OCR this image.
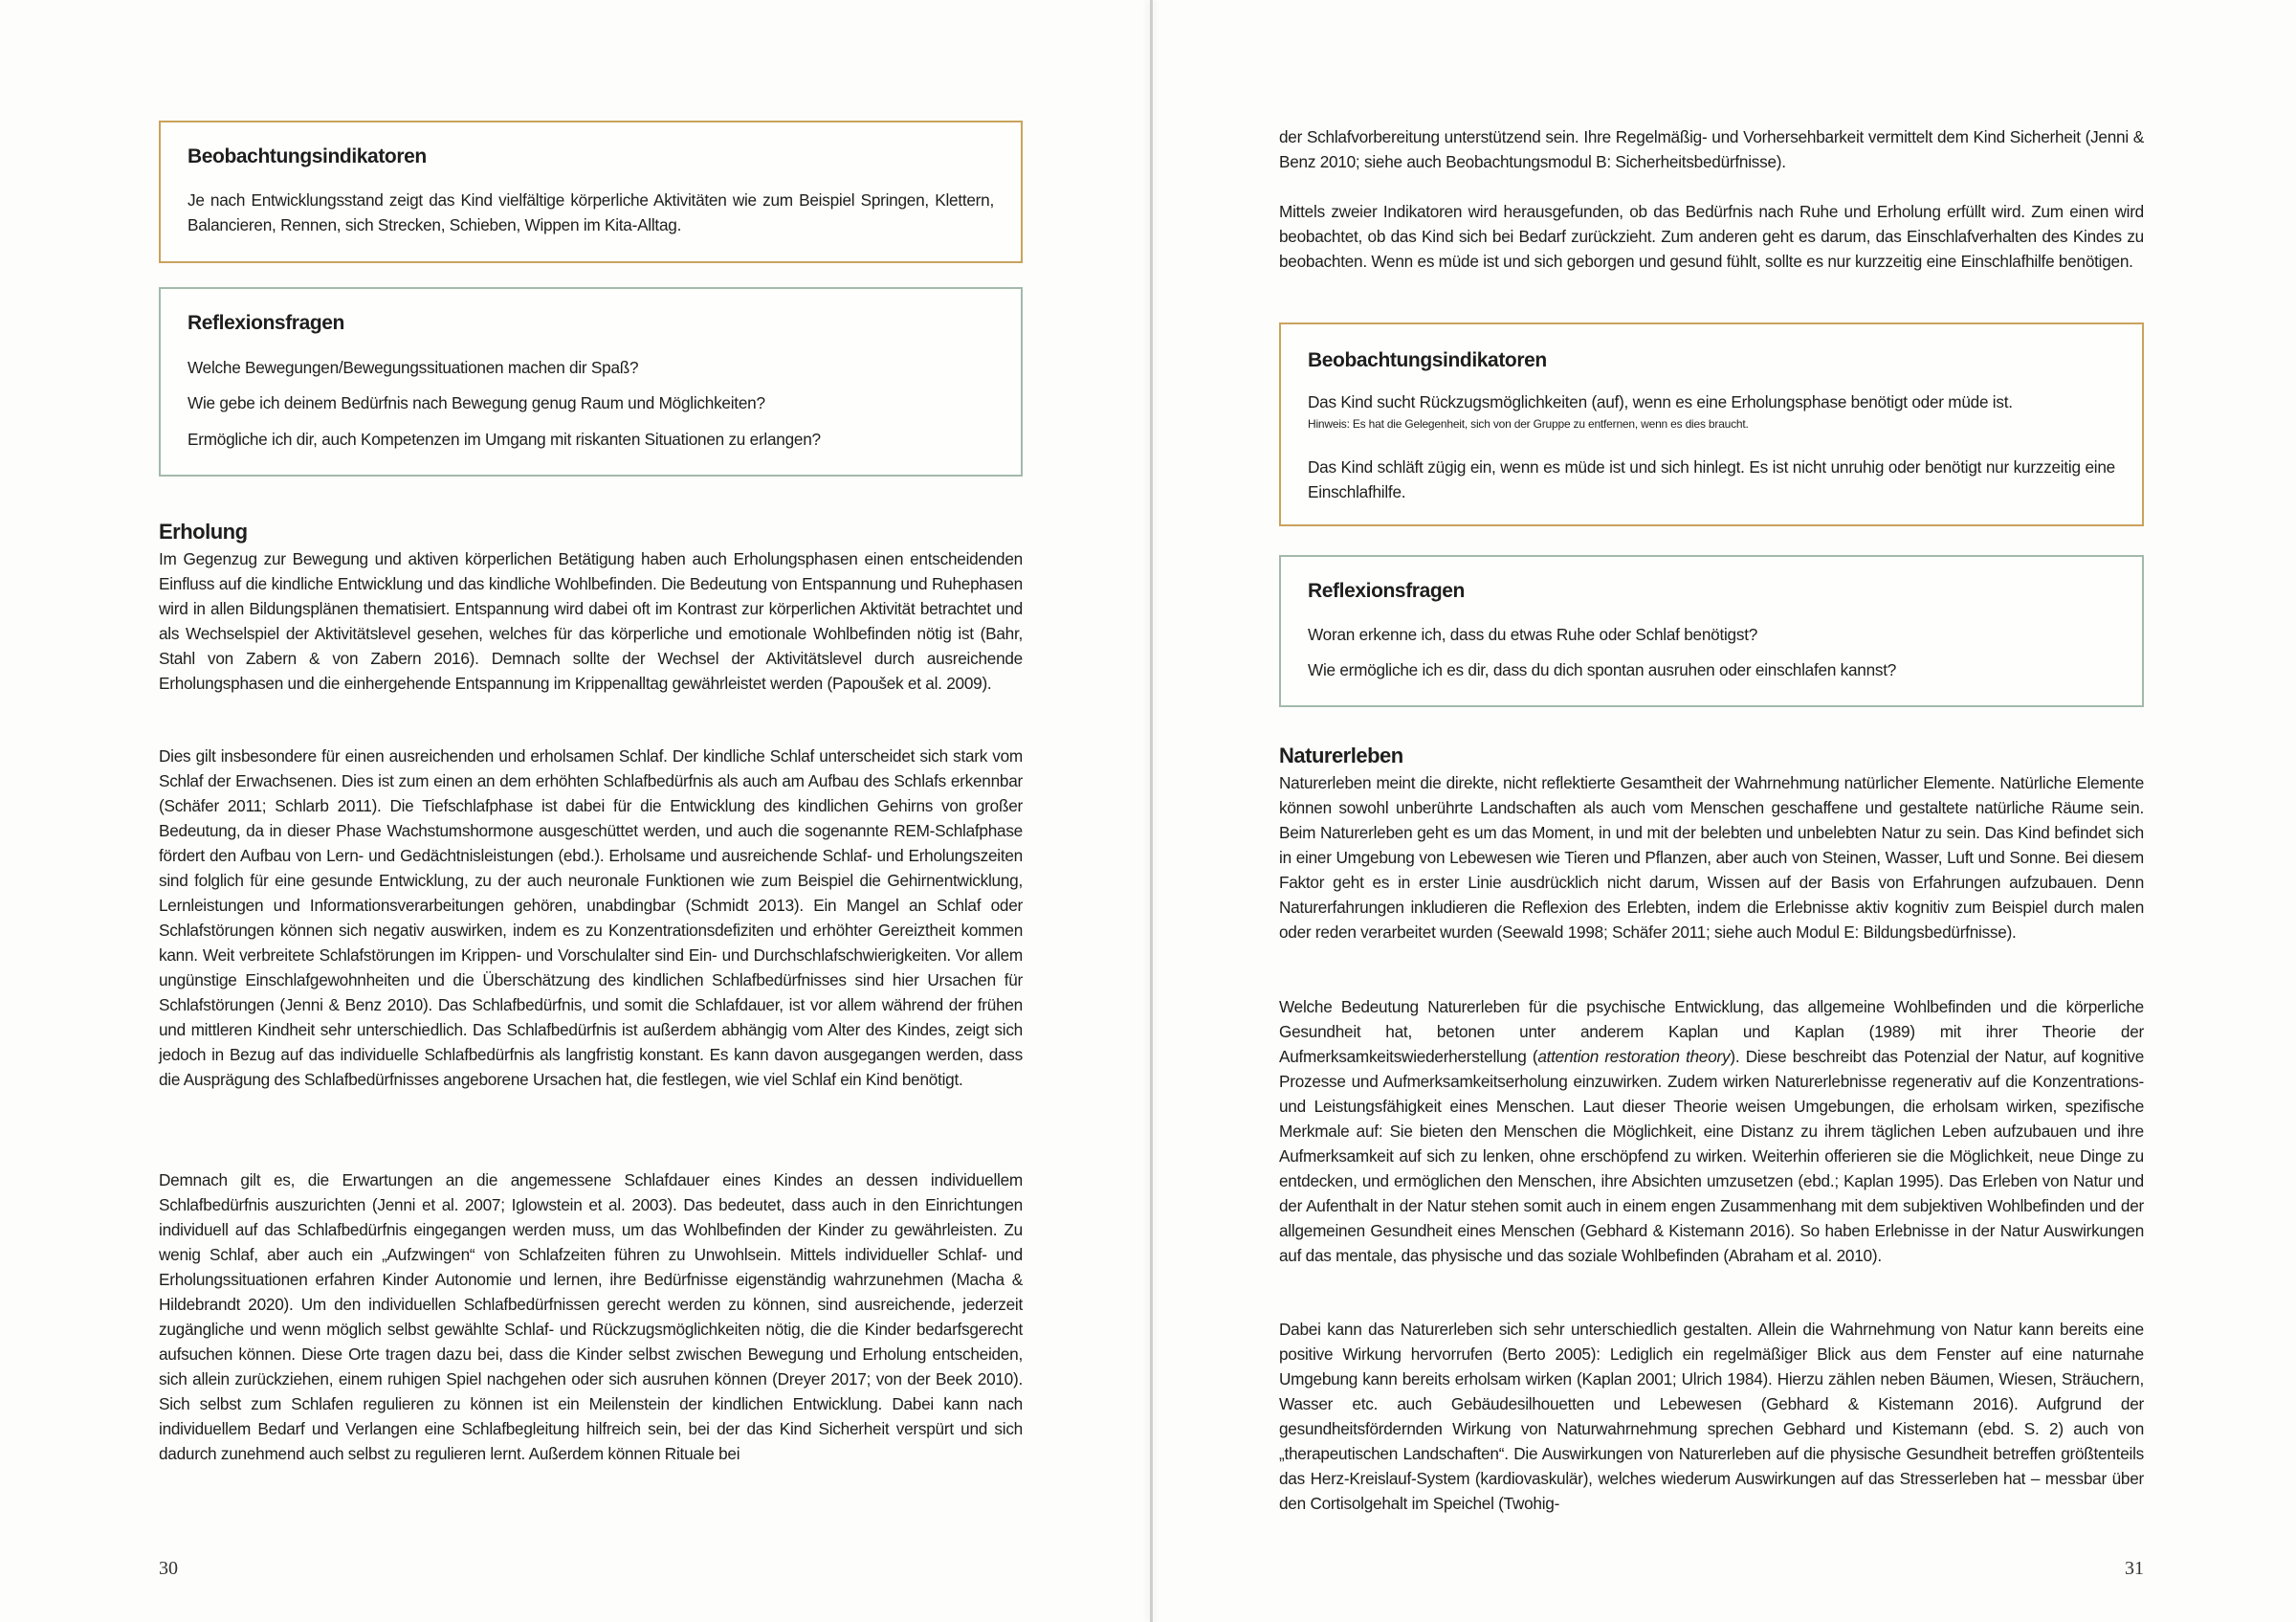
Beobachtungsindikatoren
Je nach Entwicklungsstand zeigt das Kind vielfältige körperliche Aktivitäten wie zum Beispiel Springen, Klettern, Balancieren, Rennen, sich Strecken, Schieben, Wippen im Kita-Alltag.
Reflexionsfragen
Welche Bewegungen/Bewegungssituationen machen dir Spaß?
Wie gebe ich deinem Bedürfnis nach Bewegung genug Raum und Möglichkeiten?
Ermögliche ich dir, auch Kompetenzen im Umgang mit riskanten Situationen zu erlangen?
Erholung

Im Gegenzug zur Bewegung und aktiven körperlichen Betätigung haben auch Erholungsphasen einen entscheidenden Einfluss auf die kindliche Entwicklung und das kindliche Wohlbefinden. Die Bedeutung von Entspannung und Ruhephasen wird in allen Bildungsplänen thematisiert. Entspannung wird dabei oft im Kontrast zur körperlichen Aktivität betrachtet und als Wechselspiel der Aktivitätslevel gesehen, welches für das körperliche und emotionale Wohlbefinden nötig ist (Bahr, Stahl von Zabern & von Zabern 2016). Demnach sollte der Wechsel der Aktivitätslevel durch ausreichende Erholungsphasen und die einhergehende Entspannung im Krippenalltag gewährleistet werden (Papoušek et al. 2009).

Dies gilt insbesondere für einen ausreichenden und erholsamen Schlaf. Der kindliche Schlaf unterscheidet sich stark vom Schlaf der Erwachsenen. Dies ist zum einen an dem erhöhten Schlafbedürfnis als auch am Aufbau des Schlafs erkennbar (Schäfer 2011; Schlarb 2011). Die Tiefschlafphase ist dabei für die Entwicklung des kindlichen Gehirns von großer Bedeutung, da in dieser Phase Wachstumshormone ausgeschüttet werden, und auch die sogenannte REM-Schlafphase fördert den Aufbau von Lern- und Gedächtnisleistungen (ebd.). Erholsame und ausreichende Schlaf- und Erholungszeiten sind folglich für eine gesunde Entwicklung, zu der auch neuronale Funktionen wie zum Beispiel die Gehirnentwicklung, Lernleistungen und Informationsverarbeitungen gehören, unabdingbar (Schmidt 2013). Ein Mangel an Schlaf oder Schlafstörungen können sich negativ auswirken, indem es zu Konzentrationsdefiziten und erhöhter Gereiztheit kommen kann. Weit verbreitete Schlafstörungen im Krippen- und Vorschulalter sind Ein- und Durchschlafschwierigkeiten. Vor allem ungünstige Einschlafgewohnheiten und die Überschätzung des kindlichen Schlafbedürfnisses sind hier Ursachen für Schlafstörungen (Jenni & Benz 2010). Das Schlafbedürfnis, und somit die Schlafdauer, ist vor allem während der frühen und mittleren Kindheit sehr unterschiedlich. Das Schlafbedürfnis ist außerdem abhängig vom Alter des Kindes, zeigt sich jedoch in Bezug auf das individuelle Schlafbedürfnis als langfristig konstant. Es kann davon ausgegangen werden, dass die Ausprägung des Schlafbedürfnisses angeborene Ursachen hat, die festlegen, wie viel Schlaf ein Kind benötigt.

Demnach gilt es, die Erwartungen an die angemessene Schlafdauer eines Kindes an dessen individuellem Schlafbedürfnis auszurichten (Jenni et al. 2007; Iglowstein et al. 2003). Das bedeutet, dass auch in den Einrichtungen individuell auf das Schlafbedürfnis eingegangen werden muss, um das Wohlbefinden der Kinder zu gewährleisten. Zu wenig Schlaf, aber auch ein „Aufzwingen“ von Schlafzeiten führen zu Unwohlsein. Mittels individueller Schlaf- und Erholungssituationen erfahren Kinder Autonomie und lernen, ihre Bedürfnisse eigenständig wahrzunehmen (Macha & Hildebrandt 2020). Um den individuellen Schlafbedürfnissen gerecht werden zu können, sind ausreichende, jederzeit zugängliche und wenn möglich selbst gewählte Schlaf- und Rückzugsmöglichkeiten nötig, die die Kinder bedarfsgerecht aufsuchen können. Diese Orte tragen dazu bei, dass die Kinder selbst zwischen Bewegung und Erholung entscheiden, sich allein zurückziehen, einem ruhigen Spiel nachgehen oder sich ausruhen können (Dreyer 2017; von der Beek 2010). Sich selbst zum Schlafen regulieren zu können ist ein Meilenstein der kindlichen Entwicklung. Dabei kann nach individuellem Bedarf und Verlangen eine Schlafbegleitung hilfreich sein, bei der das Kind Sicherheit verspürt und sich dadurch zunehmend auch selbst zu regulieren lernt. Außerdem können Rituale bei

30

der Schlafvorbereitung unterstützend sein. Ihre Regelmäßig- und Vorhersehbarkeit vermittelt dem Kind Sicherheit (Jenni & Benz 2010; siehe auch Beobachtungsmodul B: Sicherheitsbedürfnisse).

Mittels zweier Indikatoren wird herausgefunden, ob das Bedürfnis nach Ruhe und Erholung erfüllt wird. Zum einen wird beobachtet, ob das Kind sich bei Bedarf zurückzieht. Zum anderen geht es darum, das Einschlafverhalten des Kindes zu beobachten. Wenn es müde ist und sich geborgen und gesund fühlt, sollte es nur kurzzeitig eine Einschlafhilfe benötigen.

Beobachtungsindikatoren
Das Kind sucht Rückzugsmöglichkeiten (auf), wenn es eine Erholungsphase benötigt oder müde ist.
Hinweis: Es hat die Gelegenheit, sich von der Gruppe zu entfernen, wenn es dies braucht.
Das Kind schläft zügig ein, wenn es müde ist und sich hinlegt. Es ist nicht unruhig oder benötigt nur kurzzeitig eine Einschlafhilfe.
Reflexionsfragen
Woran erkenne ich, dass du etwas Ruhe oder Schlaf benötigst?
Wie ermögliche ich es dir, dass du dich spontan ausruhen oder einschlafen kannst?
Naturerleben

Naturerleben meint die direkte, nicht reflektierte Gesamtheit der Wahrnehmung natürlicher Elemente. Natürliche Elemente können sowohl unberührte Landschaften als auch vom Menschen geschaffene und gestaltete natürliche Räume sein. Beim Naturerleben geht es um das Moment, in und mit der belebten und unbelebten Natur zu sein. Das Kind befindet sich in einer Umgebung von Lebewesen wie Tieren und Pflanzen, aber auch von Steinen, Wasser, Luft und Sonne. Bei diesem Faktor geht es in erster Linie ausdrücklich nicht darum, Wissen auf der Basis von Erfahrungen aufzubauen. Denn Naturerfahrungen inkludieren die Reflexion des Erlebten, indem die Erlebnisse aktiv kognitiv zum Beispiel durch malen oder reden verarbeitet wurden (Seewald 1998; Schäfer 2011; siehe auch Modul E: Bildungsbedürfnisse).

Welche Bedeutung Naturerleben für die psychische Entwicklung, das allgemeine Wohlbefinden und die körperliche Gesundheit hat, betonen unter anderem Kaplan und Kaplan (1989) mit ihrer Theorie der Aufmerksamkeitswiederherstellung (attention restoration theory). Diese beschreibt das Potenzial der Natur, auf kognitive Prozesse und Aufmerksamkeitserholung einzuwirken. Zudem wirken Naturerlebnisse regenerativ auf die Konzentrations- und Leistungsfähigkeit eines Menschen. Laut dieser Theorie weisen Umgebungen, die erholsam wirken, spezifische Merkmale auf: Sie bieten den Menschen die Möglichkeit, eine Distanz zu ihrem täglichen Leben aufzubauen und ihre Aufmerksamkeit auf sich zu lenken, ohne erschöpfend zu wirken. Weiterhin offerieren sie die Möglichkeit, neue Dinge zu entdecken, und ermöglichen den Menschen, ihre Absichten umzusetzen (ebd.; Kaplan 1995). Das Erleben von Natur und der Aufenthalt in der Natur stehen somit auch in einem engen Zusammenhang mit dem subjektiven Wohlbefinden und der allgemeinen Gesundheit eines Menschen (Gebhard & Kistemann 2016). So haben Erlebnisse in der Natur Auswirkungen auf das mentale, das physische und das soziale Wohlbefinden (Abraham et al. 2010).

Dabei kann das Naturerleben sich sehr unterschiedlich gestalten. Allein die Wahrnehmung von Natur kann bereits eine positive Wirkung hervorrufen (Berto 2005): Lediglich ein regelmäßiger Blick aus dem Fenster auf eine naturnahe Umgebung kann bereits erholsam wirken (Kaplan 2001; Ulrich 1984). Hierzu zählen neben Bäumen, Wiesen, Sträuchern, Wasser etc. auch Gebäudesilhouetten und Lebewesen (Gebhard & Kistemann 2016). Aufgrund der gesundheitsfördernden Wirkung von Naturwahrnehmung sprechen Gebhard und Kistemann (ebd. S. 2) auch von „therapeutischen Landschaften“. Die Auswirkungen von Naturerleben auf die physische Gesundheit betreffen größtenteils das Herz-Kreislauf-System (kardiovaskulär), welches wiederum Auswirkungen auf das Stresserleben hat – messbar über den Cortisolgehalt im Speichel (Twohig-

31
